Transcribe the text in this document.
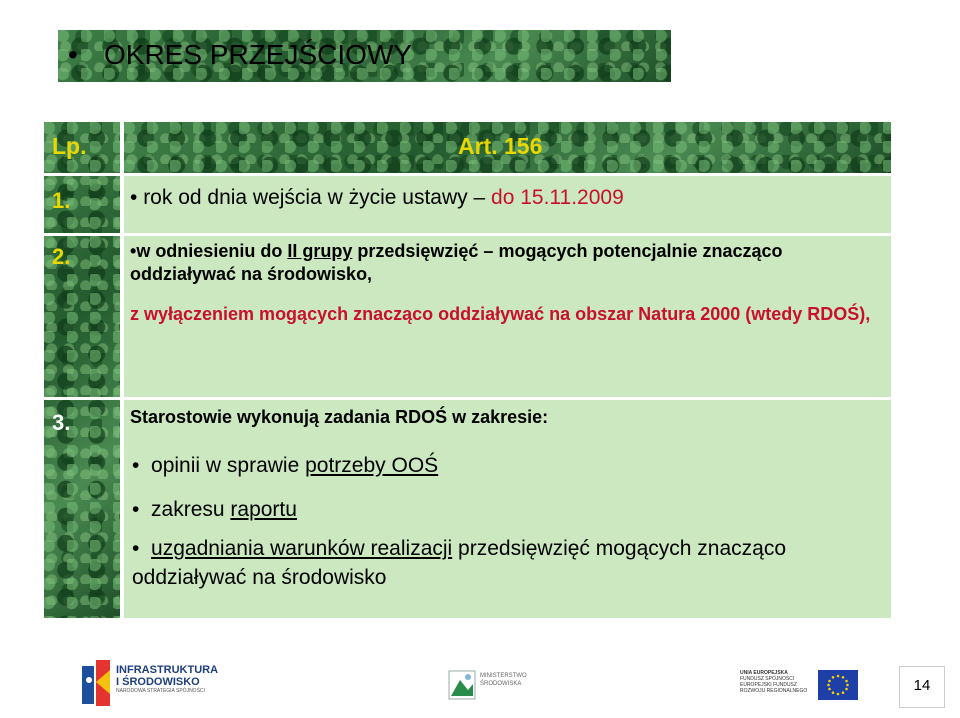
• OKRES PRZEJŚCIOWY
Lp.	Art. 156
1.
2.
3.
• rok od dnia wejścia w życie ustawy – do 15.11.2009
•w odniesieniu do II grupy przedsięwzięć – mogących potencjalnie znacząco oddziaływać na środowisko,
z wyłączeniem mogących znacząco oddziaływać na obszar Natura 2000 (wtedy RDOŚ),
Starostowie wykonują zadania RDOŚ w zakresie:
•  opinii w sprawie potrzeby OOŚ
•  zakresu raportu
•  uzgadniania warunków realizacji przedsięwzięć mogących znacząco oddziaływać na środowisko
INFRASTRUKTURA
I ŚRODOWISKO
NARODOWA STRATEGIA SPÓJNOŚCI
MINISTERSTWO
ŚRODOWISKA
UNIA EUROPEJSKA
FUNDUSZ SPÓJNOŚCI
EUROPEJSKI FUNDUSZ
ROZWOJU REGIONALNEGO	14
